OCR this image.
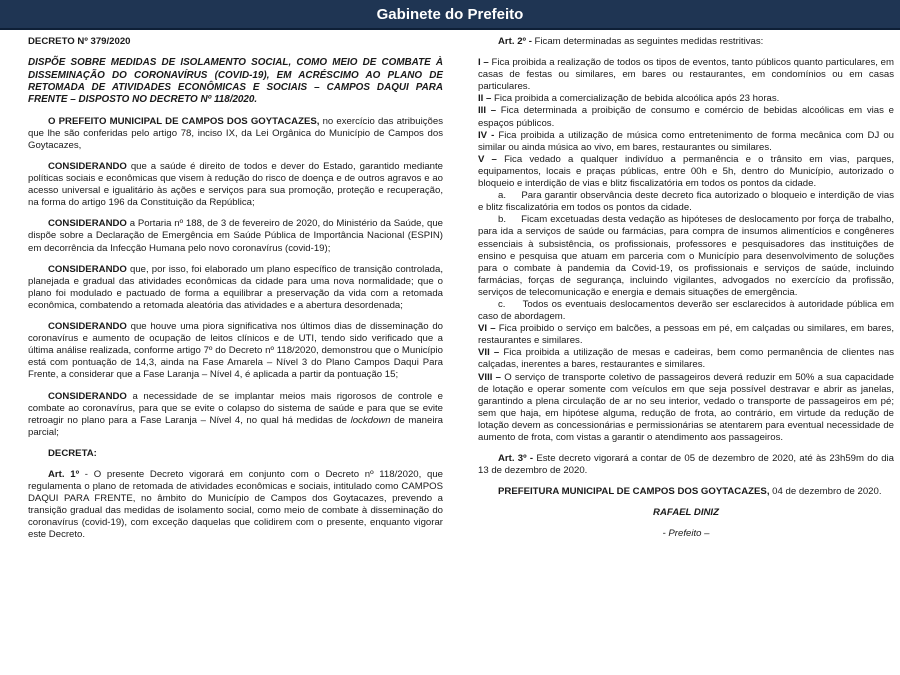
Gabinete do Prefeito

DECRETO Nº 379/2020

DISPÕE SOBRE MEDIDAS DE ISOLAMENTO SOCIAL, COMO MEIO DE COMBATE À DISSEMINAÇÃO DO CORONAVÍRUS (COVID-19), EM ACRÉSCIMO AO PLANO DE RETOMADA DE ATIVIDADES ECONÔMICAS E SOCIAIS – CAMPOS DAQUI PARA FRENTE – DISPOSTO NO DECRETO Nº 118/2020.

O PREFEITO MUNICIPAL DE CAMPOS DOS GOYTACAZES, no exercício das atribuições que lhe são conferidas pelo artigo 78, inciso IX, da Lei Orgânica do Município de Campos dos Goytacazes,

CONSIDERANDO que a saúde é direito de todos e dever do Estado, garantido mediante políticas sociais e econômicas que visem à redução do risco de doença e de outros agravos e ao acesso universal e igualitário às ações e serviços para sua promoção, proteção e recuperação, na forma do artigo 196 da Constituição da República;

CONSIDERANDO a Portaria nº 188, de 3 de fevereiro de 2020, do Ministério da Saúde, que dispõe sobre a Declaração de Emergência em Saúde Pública de Importância Nacional (ESPIN) em decorrência da Infecção Humana pelo novo coronavírus (covid-19);

CONSIDERANDO que, por isso, foi elaborado um plano específico de transição controlada, planejada e gradual das atividades econômicas da cidade para uma nova normalidade; que o plano foi modulado e pactuado de forma a equilibrar a preservação da vida com a retomada econômica, combatendo a retomada aleatória das atividades e a abertura desordenada;

CONSIDERANDO que houve uma piora significativa nos últimos dias de disseminação do coronavírus e aumento de ocupação de leitos clínicos e de UTI, tendo sido verificado que a última análise realizada, conforme artigo 7º do Decreto nº 118/2020, demonstrou que o Município está com pontuação de 14,3, ainda na Fase Amarela – Nível 3 do Plano Campos Daqui Para Frente, a considerar que a Fase Laranja – Nível 4, é aplicada a partir da pontuação 15;

CONSIDERANDO a necessidade de se implantar meios mais rigorosos de controle e combate ao coronavírus, para que se evite o colapso do sistema de saúde e para que se evite retroagir no plano para a Fase Laranja – Nível 4, no qual há medidas de lockdown de maneira parcial;

DECRETA:

Art. 1º - O presente Decreto vigorará em conjunto com o Decreto nº 118/2020, que regulamenta o plano de retomada de atividades econômicas e sociais, intitulado como CAMPOS DAQUI PARA FRENTE, no âmbito do Município de Campos dos Goytacazes, prevendo a transição gradual das medidas de isolamento social, como meio de combate à disseminação do coronavírus (covid-19), com exceção daquelas que colidirem com o presente, enquanto vigorar este Decreto.

Art. 2º - Ficam determinadas as seguintes medidas restritivas:

I – Fica proibida a realização de todos os tipos de eventos, tanto públicos quanto particulares, em casas de festas ou similares, em bares ou restaurantes, em condomínios ou em casas particulares.

II – Fica proibida a comercialização de bebida alcoólica após 23 horas.

III – Fica determinada a proibição de consumo e comércio de bebidas alcoólicas em vias e espaços públicos.

IV - Fica proibida a utilização de música como entretenimento de forma mecânica com DJ ou similar ou ainda música ao vivo, em bares, restaurantes ou similares.

V – Fica vedado a qualquer indivíduo a permanência e o trânsito em vias, parques, equipamentos, locais e praças públicas, entre 00h e 5h, dentro do Município, autorizado o bloqueio e interdição de vias e blitz fiscalizatória em todos os pontos da cidade.

a. Para garantir observância deste decreto fica autorizado o bloqueio e interdição de vias e blitz fiscalizatória em todos os pontos da cidade.

b. Ficam excetuadas desta vedação as hipóteses de deslocamento por força de trabalho, para ida a serviços de saúde ou farmácias, para compra de insumos alimentícios e congêneres essenciais à subsistência, os profissionais, professores e pesquisadores das instituições de ensino e pesquisa que atuam em parceria com o Município para desenvolvimento de soluções para o combate à pandemia da Covid-19, os profissionais e serviços de saúde, incluindo farmácias, forças de segurança, incluindo vigilantes, advogados no exercício da profissão, serviços de telecomunicação e energia e demais situações de emergência.

c. Todos os eventuais deslocamentos deverão ser esclarecidos à autoridade pública em caso de abordagem.

VI – Fica proibido o serviço em balcões, a pessoas em pé, em calçadas ou similares, em bares, restaurantes e similares.

VII – Fica proibida a utilização de mesas e cadeiras, bem como permanência de clientes nas calçadas, inerentes a bares, restaurantes e similares.

VIII – O serviço de transporte coletivo de passageiros deverá reduzir em 50% a sua capacidade de lotação e operar somente com veículos em que seja possível destravar e abrir as janelas, garantindo a plena circulação de ar no seu interior, vedado o transporte de passageiros em pé; sem que haja, em hipótese alguma, redução de frota, ao contrário, em virtude da redução de lotação devem as concessionárias e permissionárias se atentarem para eventual necessidade de aumento de frota, com vistas a garantir o atendimento aos passageiros.

Art. 3º - Este decreto vigorará a contar de 05 de dezembro de 2020, até às 23h59m do dia 13 de dezembro de 2020.

PREFEITURA MUNICIPAL DE CAMPOS DOS GOYTACAZES, 04 de dezembro de 2020.

RAFAEL DINIZ

- Prefeito –
